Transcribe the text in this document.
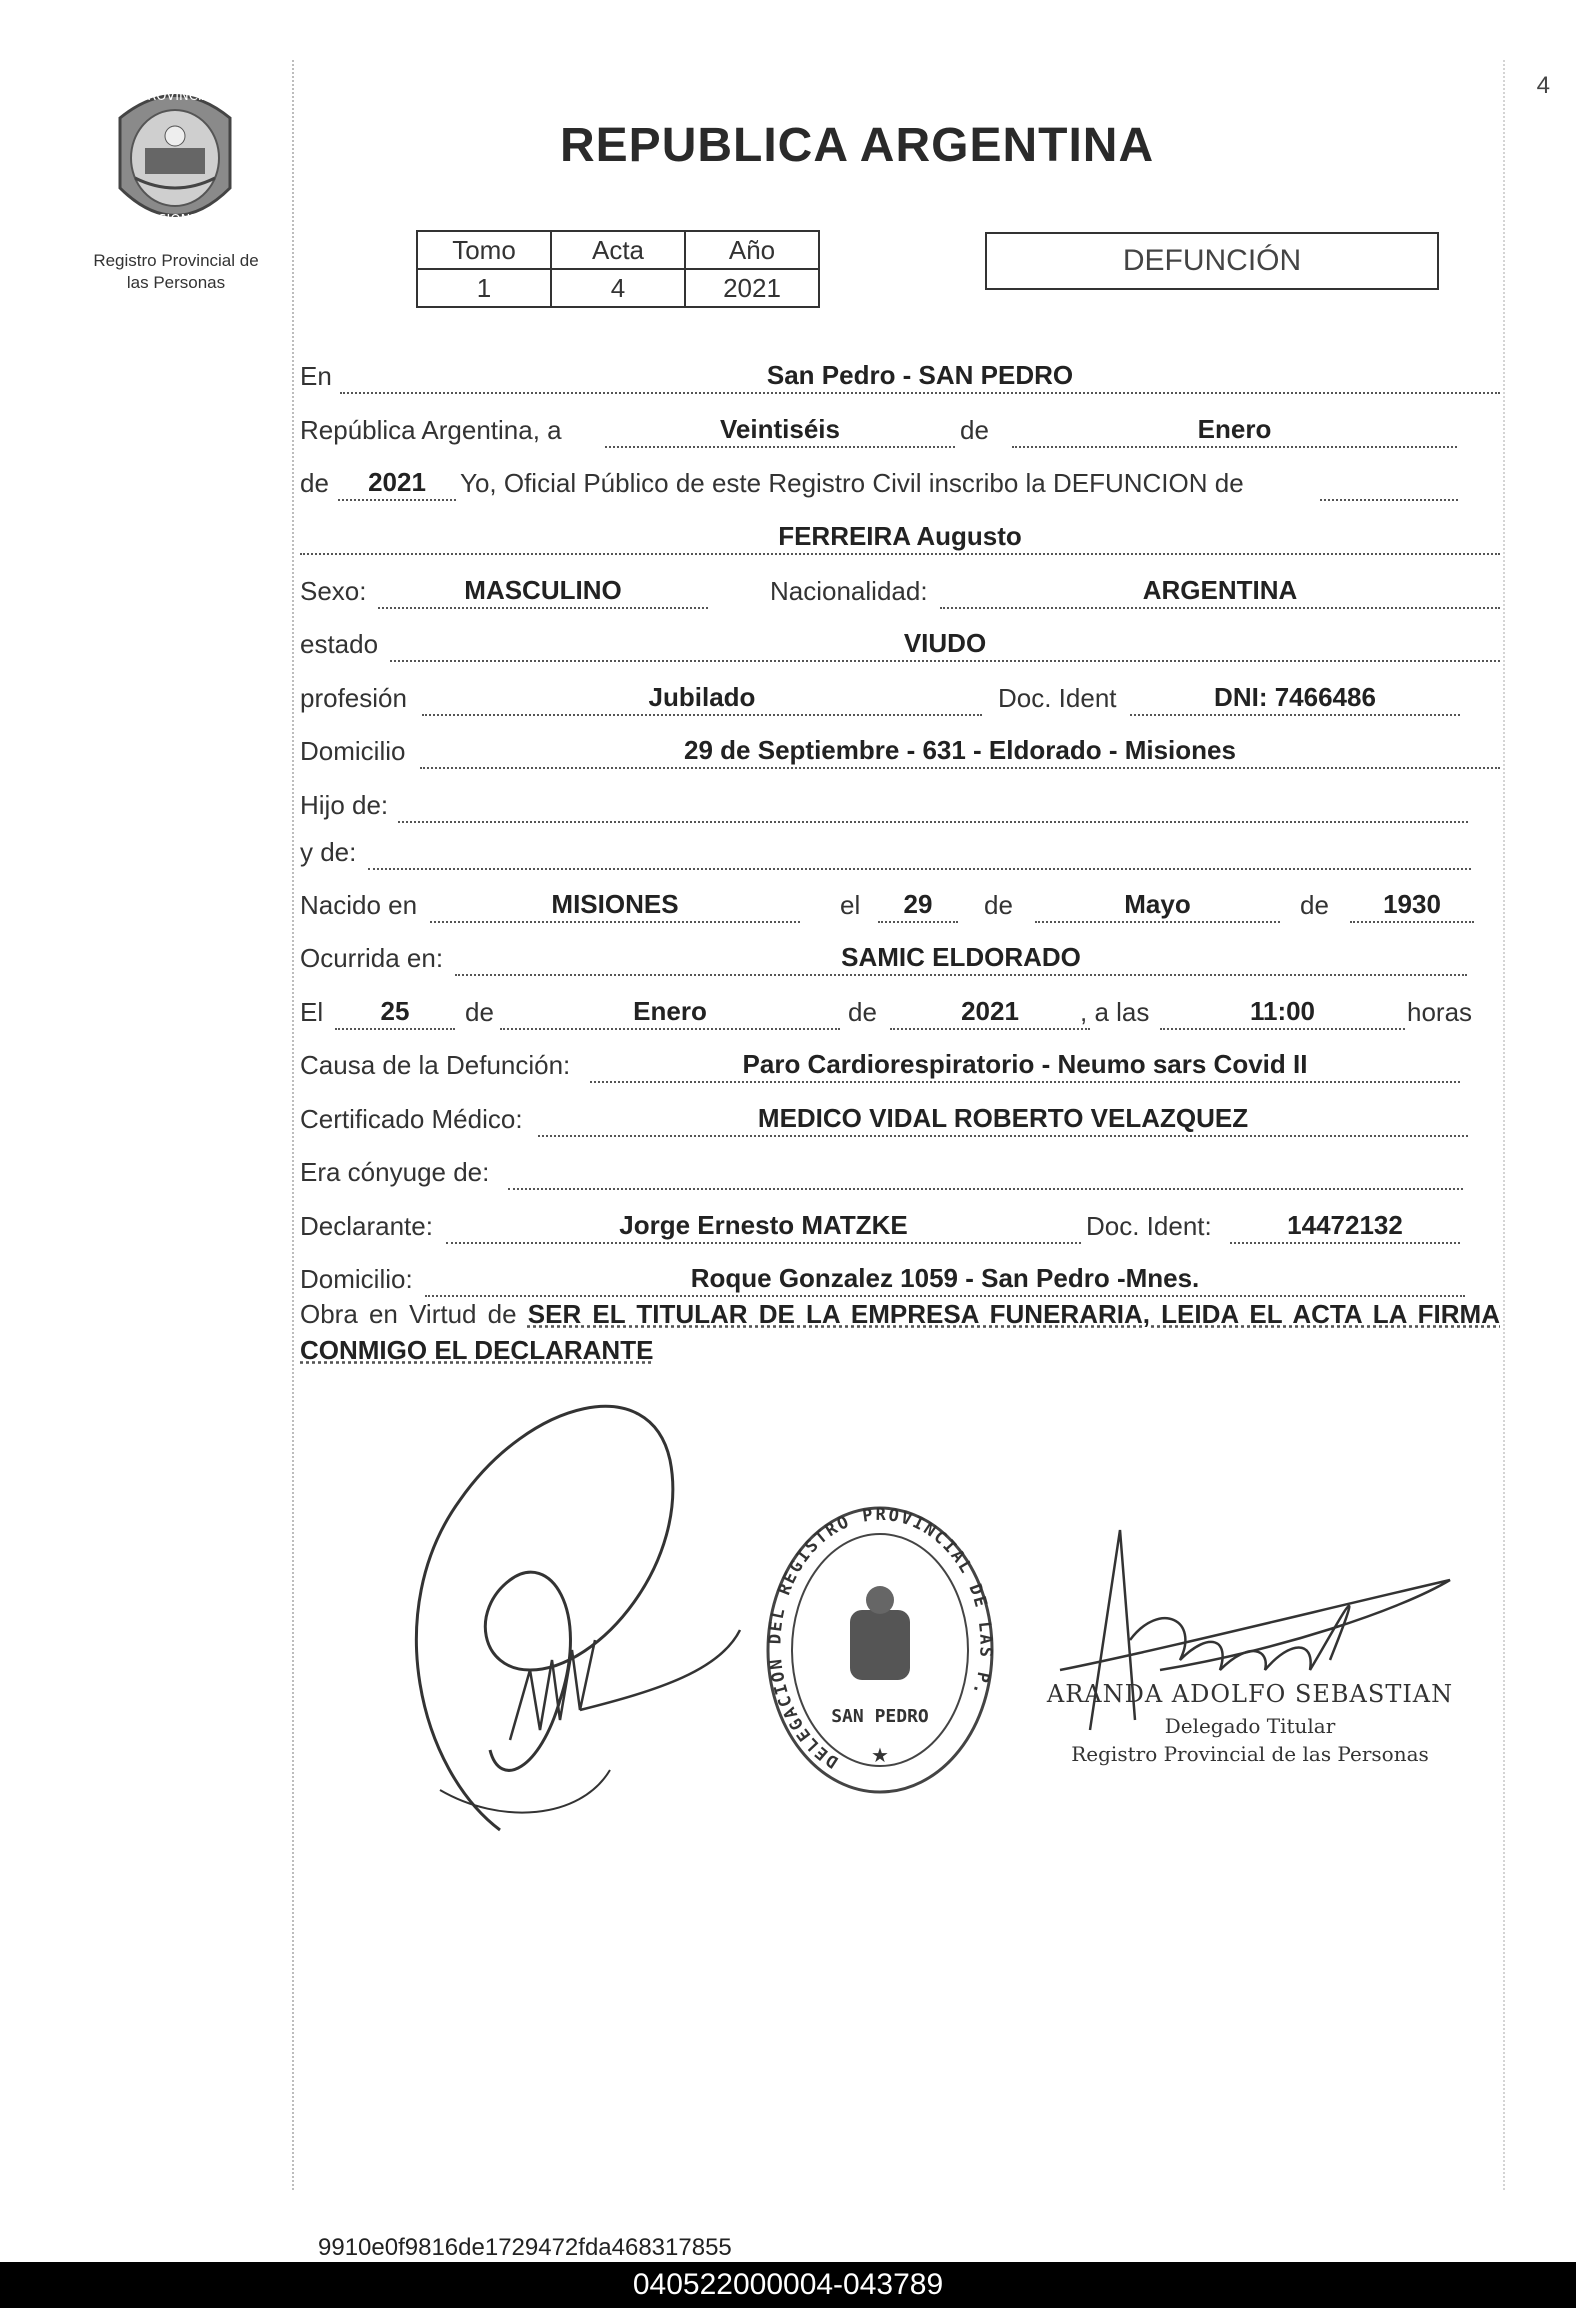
4
PROVINCIA
MISIONES
Registro Provincial de
las Personas
REPUBLICA ARGENTINA
Tomo	Acta	Año
1	4	2021
DEFUNCIÓN
En	San Pedro - SAN PEDRO
República Argentina, a	Veintiséis	de	Enero
de	2021	Yo, Oficial Público de este Registro Civil inscribo la DEFUNCION de
FERREIRA Augusto
Sexo:	MASCULINO	Nacionalidad:	ARGENTINA
estado	VIUDO
profesión	Jubilado	Doc. Ident	DNI: 7466486
Domicilio	29 de Septiembre - 631 - Eldorado - Misiones
Hijo de:
y de:
Nacido en	MISIONES	el	29	de	Mayo	de	1930
Ocurrida en:	SAMIC ELDORADO
El	25	de	Enero	de	2021	, a las	11:00	horas
Causa de la Defunción:	Paro Cardiorespiratorio - Neumo sars Covid II
Certificado Médico:	MEDICO VIDAL ROBERTO VELAZQUEZ
Era cónyuge de:
Declarante:	Jorge Ernesto MATZKE	Doc. Ident:	14472132
Domicilio:	Roque Gonzalez 1059 - San Pedro -Mnes.
Obra en Virtud de SER EL TITULAR DE LA EMPRESA FUNERARIA, LEIDA EL ACTA LA FIRMA CONMIGO EL DECLARANTE
DELEGACION DEL REGISTRO PROVINCIAL DE LAS P.
SAN PEDRO
★
ARANDA ADOLFO SEBASTIAN
Delegado Titular
Registro Provincial de las Personas
9910e0f9816de1729472fda468317855
040522000004-043789
